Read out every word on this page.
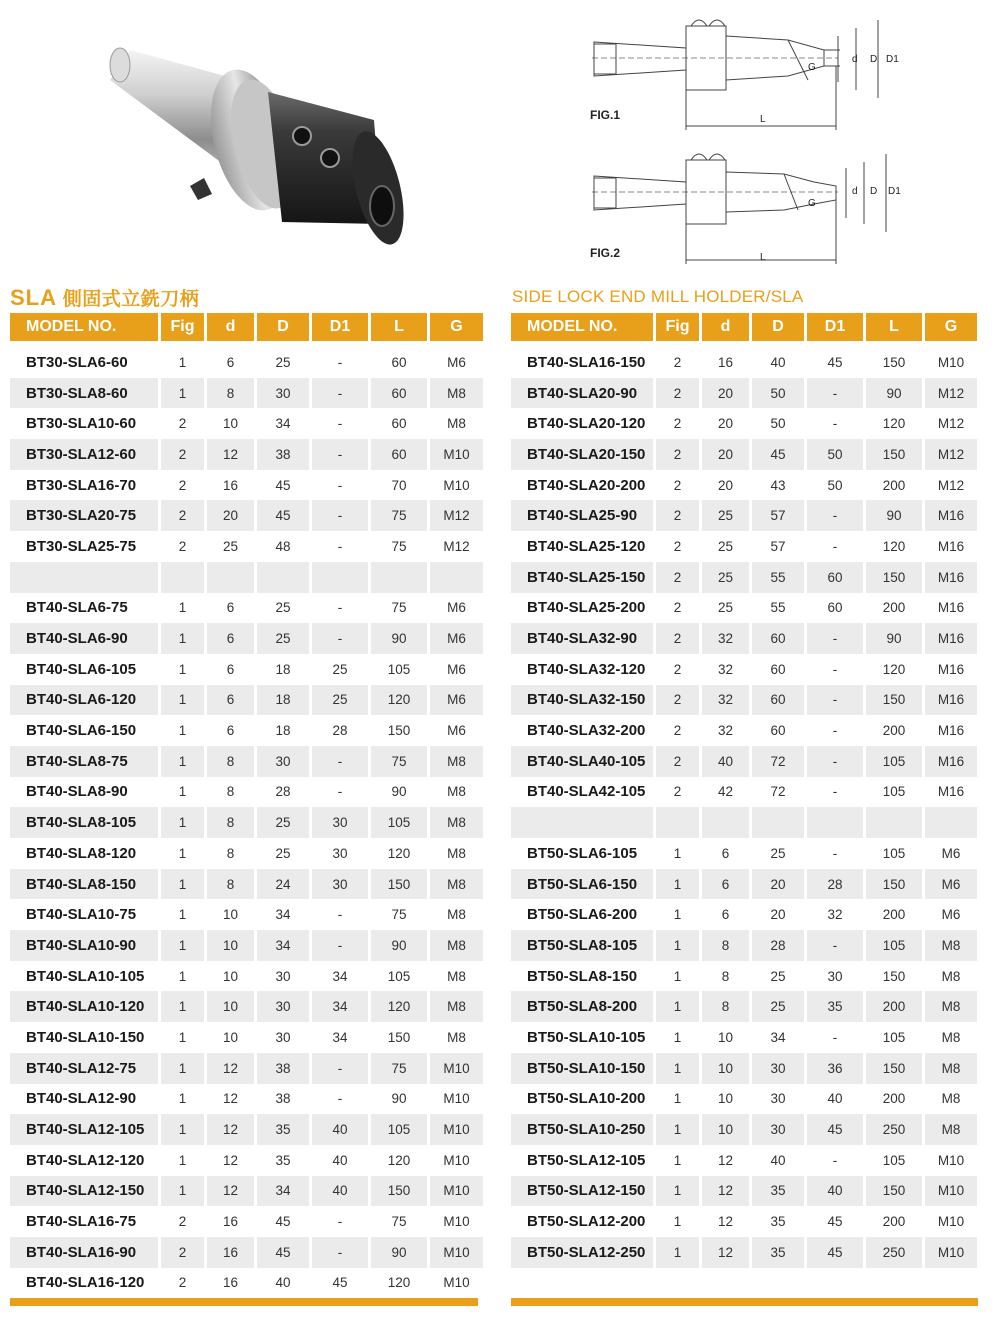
FIG.1
FIG.2
d D D1
G
L
d D D1
G
L
SLA 側固式立銑刀柄	SIDE LOCK END MILL HOLDER/SLA
MODEL NO.	Fig	d	D	D1	L	G
BT30-SLA6-60	1	6	25	-	60	M6
BT30-SLA8-60	1	8	30	-	60	M8
BT30-SLA10-60	2	10	34	-	60	M8
BT30-SLA12-60	2	12	38	-	60	M10
BT30-SLA16-70	2	16	45	-	70	M10
BT30-SLA20-75	2	20	45	-	75	M12
BT30-SLA25-75	2	25	48	-	75	M12

BT40-SLA6-75	1	6	25	-	75	M6
BT40-SLA6-90	1	6	25	-	90	M6
BT40-SLA6-105	1	6	18	25	105	M6
BT40-SLA6-120	1	6	18	25	120	M6
BT40-SLA6-150	1	6	18	28	150	M6
BT40-SLA8-75	1	8	30	-	75	M8
BT40-SLA8-90	1	8	28	-	90	M8
BT40-SLA8-105	1	8	25	30	105	M8
BT40-SLA8-120	1	8	25	30	120	M8
BT40-SLA8-150	1	8	24	30	150	M8
BT40-SLA10-75	1	10	34	-	75	M8
BT40-SLA10-90	1	10	34	-	90	M8
BT40-SLA10-105	1	10	30	34	105	M8
BT40-SLA10-120	1	10	30	34	120	M8
BT40-SLA10-150	1	10	30	34	150	M8
BT40-SLA12-75	1	12	38	-	75	M10
BT40-SLA12-90	1	12	38	-	90	M10
BT40-SLA12-105	1	12	35	40	105	M10
BT40-SLA12-120	1	12	35	40	120	M10
BT40-SLA12-150	1	12	34	40	150	M10
BT40-SLA16-75	2	16	45	-	75	M10
BT40-SLA16-90	2	16	45	-	90	M10
BT40-SLA16-120	2	16	40	45	120	M10
MODEL NO.	Fig	d	D	D1	L	G
BT40-SLA16-150	2	16	40	45	150	M10
BT40-SLA20-90	2	20	50	-	90	M12
BT40-SLA20-120	2	20	50	-	120	M12
BT40-SLA20-150	2	20	45	50	150	M12
BT40-SLA20-200	2	20	43	50	200	M12
BT40-SLA25-90	2	25	57	-	90	M16
BT40-SLA25-120	2	25	57	-	120	M16
BT40-SLA25-150	2	25	55	60	150	M16
BT40-SLA25-200	2	25	55	60	200	M16
BT40-SLA32-90	2	32	60	-	90	M16
BT40-SLA32-120	2	32	60	-	120	M16
BT40-SLA32-150	2	32	60	-	150	M16
BT40-SLA32-200	2	32	60	-	200	M16
BT40-SLA40-105	2	40	72	-	105	M16
BT40-SLA42-105	2	42	72	-	105	M16

BT50-SLA6-105	1	6	25	-	105	M6
BT50-SLA6-150	1	6	20	28	150	M6
BT50-SLA6-200	1	6	20	32	200	M6
BT50-SLA8-105	1	8	28	-	105	M8
BT50-SLA8-150	1	8	25	30	150	M8
BT50-SLA8-200	1	8	25	35	200	M8
BT50-SLA10-105	1	10	34	-	105	M8
BT50-SLA10-150	1	10	30	36	150	M8
BT50-SLA10-200	1	10	30	40	200	M8
BT50-SLA10-250	1	10	30	45	250	M8
BT50-SLA12-105	1	12	40	-	105	M10
BT50-SLA12-150	1	12	35	40	150	M10
BT50-SLA12-200	1	12	35	45	200	M10
BT50-SLA12-250	1	12	35	45	250	M10
